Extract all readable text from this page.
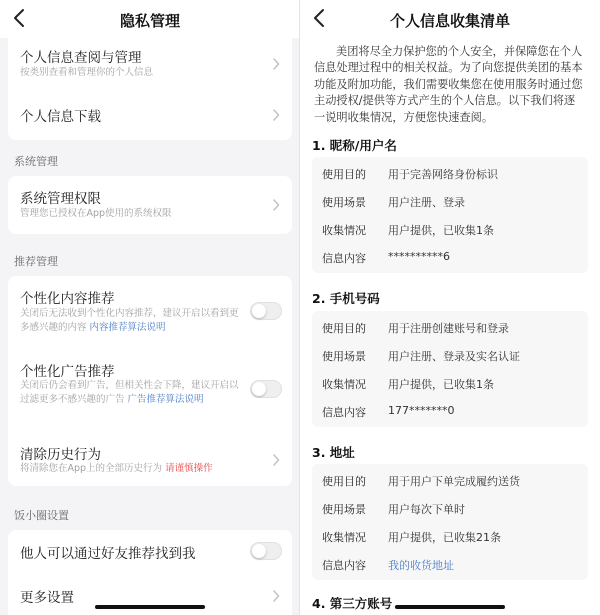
隐私管理
个人信息查阅与管理
按类别查看和管理你的个人信息
个人信息下载
系统管理
系统管理权限
管理您已授权在App使用的系统权限
推荐管理
个性化内容推荐
关闭后无法收到个性化内容推荐，建议开启以看到更多感兴趣的内容 内容推荐算法说明
个性化广告推荐
关闭后仍会看到广告，但相关性会下降，建议开启以过滤更多不感兴趣的广告 广告推荐算法说明
清除历史行为
将清除您在App上的全部历史行为 请谨慎操作
饭小圈设置
他人可以通过好友推荐找到我
更多设置
个人信息收集清单
美团将尽全力保护您的个人安全，并保障您在个人信息处理过程中的相关权益。为了向您提供美团的基本功能及附加功能，我们需要收集您在使用服务时通过您主动授权/提供等方式产生的个人信息。以下我们将逐一说明收集情况，方便您快速查阅。
1. 昵称/用户名
使用目的 用于完善网络身份标识
使用场景 用户注册、登录
收集情况 用户提供，已收集1条
信息内容 **********6
2. 手机号码
使用目的 用于注册创建账号和登录
使用场景 用户注册、登录及实名认证
收集情况 用户提供，已收集1条
信息内容 177*******0
3. 地址
使用目的 用于用户下单完成履约送货
使用场景 用户每次下单时
收集情况 用户提供，已收集21条
信息内容 我的收货地址
4. 第三方账号
